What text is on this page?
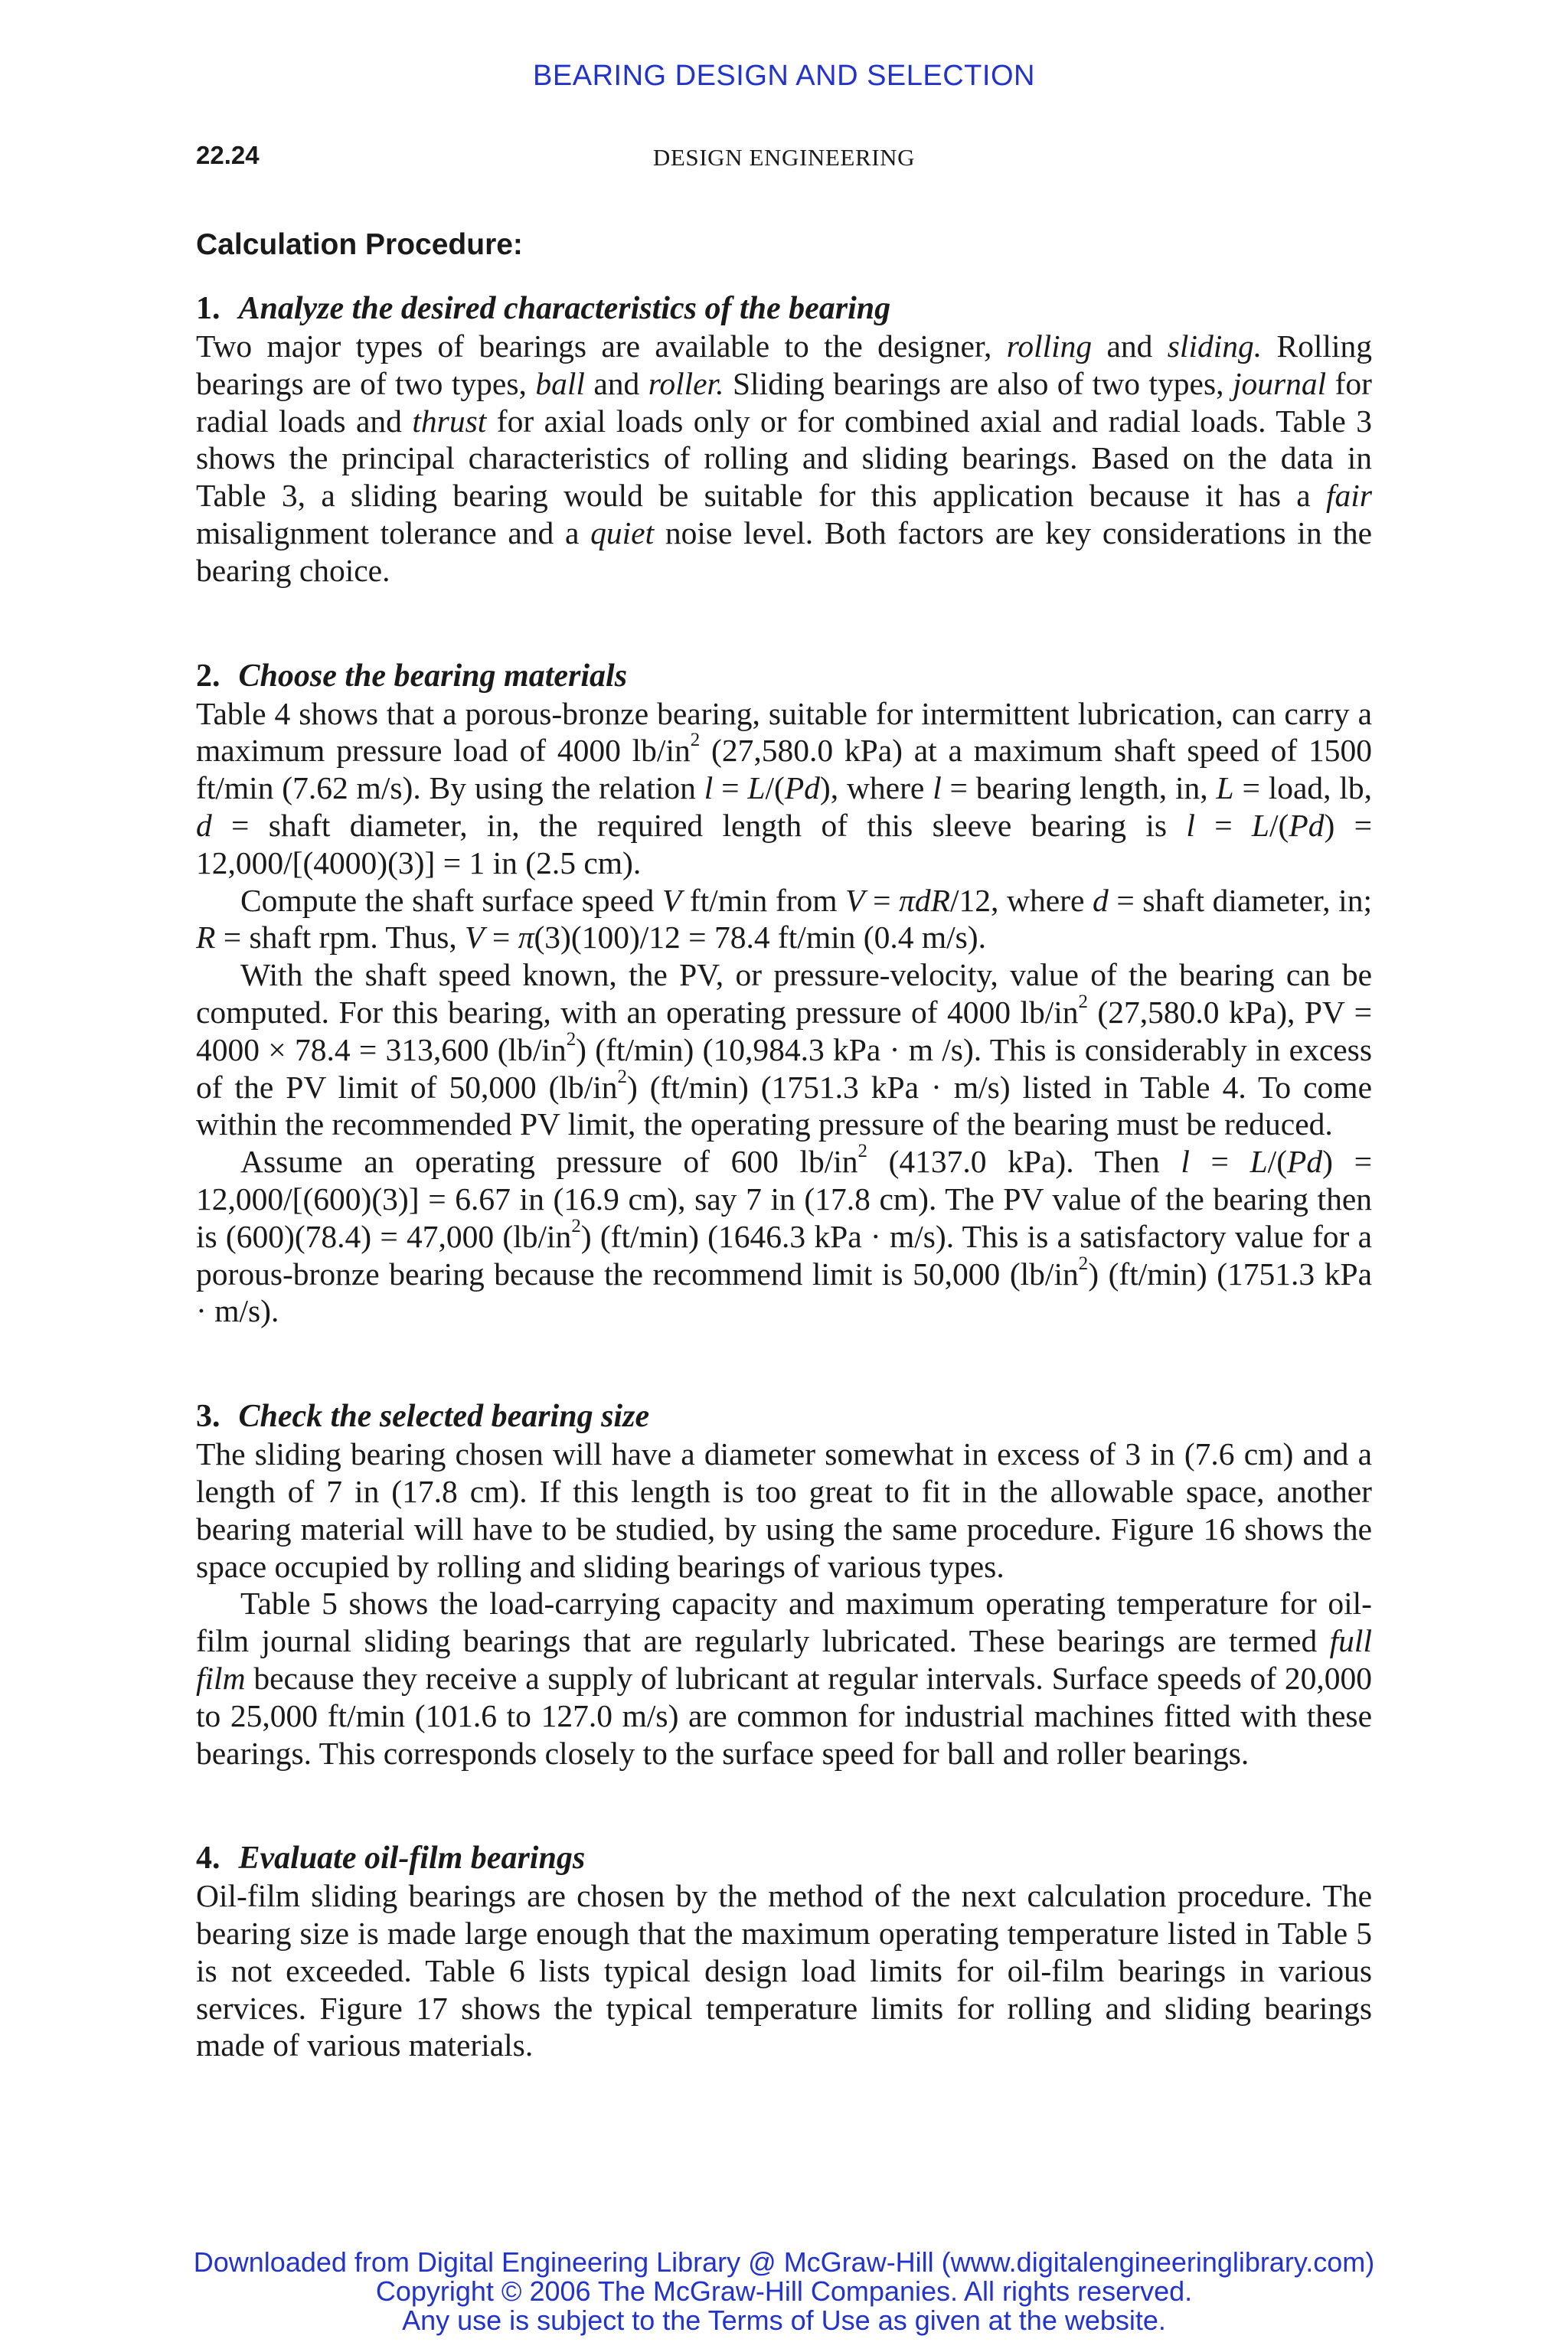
BEARING DESIGN AND SELECTION
22.24	DESIGN ENGINEERING
Calculation Procedure:
1. Analyze the desired characteristics of the bearing

Two major types of bearings are available to the designer, rolling and sliding. Rolling bearings are of two types, ball and roller. Sliding bearings are also of two types, journal for radial loads and thrust for axial loads only or for combined axial and radial loads. Table 3 shows the principal characteristics of rolling and sliding bearings. Based on the data in Table 3, a sliding bearing would be suitable for this application because it has a fair misalignment tolerance and a quiet noise level. Both factors are key considerations in the bearing choice.

2. Choose the bearing materials

Table 4 shows that a porous-bronze bearing, suitable for intermittent lubrication, can carry a maximum pressure load of 4000 $lb/in^2$ (27,580.0 kPa) at a maximum shaft speed of 1500 ft/min (7.62 m/s). By using the relation l = L/(Pd), where l = bearing length, in, L = load, lb, d = shaft diameter, in, the required length of this sleeve bearing is l = L/(Pd) = 12,000/[(4000)(3)] = 1 in (2.5 cm).

Compute the shaft surface speed V ft/min from V = πdR/12, where d = shaft diameter, in; R = shaft rpm. Thus, V = π(3)(100)/12 = 78.4 ft/min (0.4 m/s).

With the shaft speed known, the PV, or pressure-velocity, value of the bearing can be computed. For this bearing, with an operating pressure of 4000 $lb/in^2$ (27,580.0 kPa), PV = 4000 × 78.4 = 313,600 $(lb/in^2)$ (ft/min) (10,984.3 kPa · m /s). This is considerably in excess of the PV limit of 50,000 $(lb/in^2)$ (ft/min) (1751.3 kPa · m/s) listed in Table 4. To come within the recommended PV limit, the operating pressure of the bearing must be reduced.

Assume an operating pressure of 600 $lb/in^2$ (4137.0 kPa). Then l = L/(Pd) = 12,000/[(600)(3)] = 6.67 in (16.9 cm), say 7 in (17.8 cm). The PV value of the bearing then is (600)(78.4) = 47,000 $(lb/in^2)$ (ft/min) (1646.3 kPa · m/s). This is a satisfactory value for a porous-bronze bearing because the recommend limit is 50,000 $(lb/in^2)$ (ft/min) (1751.3 kPa · m/s).

3. Check the selected bearing size

The sliding bearing chosen will have a diameter somewhat in excess of 3 in (7.6 cm) and a length of 7 in (17.8 cm). If this length is too great to fit in the allowable space, another bearing material will have to be studied, by using the same procedure. Figure 16 shows the space occupied by rolling and sliding bearings of various types.

Table 5 shows the load-carrying capacity and maximum operating temperature for oil-film journal sliding bearings that are regularly lubricated. These bearings are termed full film because they receive a supply of lubricant at regular intervals. Surface speeds of 20,000 to 25,000 ft/min (101.6 to 127.0 m/s) are common for industrial machines fitted with these bearings. This corresponds closely to the surface speed for ball and roller bearings.

4. Evaluate oil-film bearings

Oil-film sliding bearings are chosen by the method of the next calculation procedure. The bearing size is made large enough that the maximum operating temperature listed in Table 5 is not exceeded. Table 6 lists typical design load limits for oil-film bearings in various services. Figure 17 shows the typical temperature limits for rolling and sliding bearings made of various materials.

Downloaded from Digital Engineering Library @ McGraw-Hill (www.digitalengineeringlibrary.com)
Copyright © 2006 The McGraw-Hill Companies. All rights reserved.
Any use is subject to the Terms of Use as given at the website.
